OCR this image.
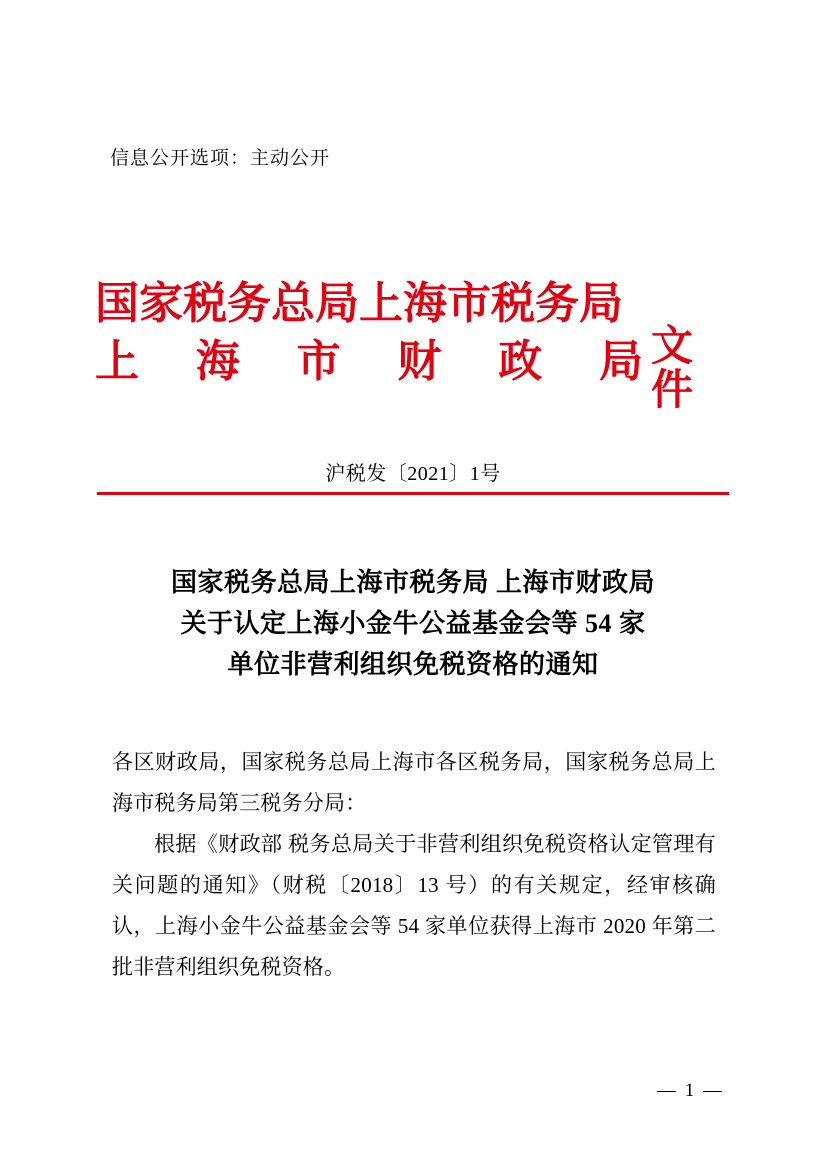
信息公开选项：主动公开
国家税务总局上海市税务局
上 海 市 财 政 局 文
件
沪税发〔2021〕1号
国家税务总局上海市税务局 上海市财政局
关于认定上海小金牛公益基金会等 54 家
单位非营利组织免税资格的通知
各区财政局，国家税务总局上海市各区税务局，国家税务总局上海市税务局第三税务分局：
根据《财政部 税务总局关于非营利组织免税资格认定管理有关问题的通知》（财税〔2018〕13 号）的有关规定，经审核确认，上海小金牛公益基金会等 54 家单位获得上海市 2020 年第二批非营利组织免税资格。
— 1 —
